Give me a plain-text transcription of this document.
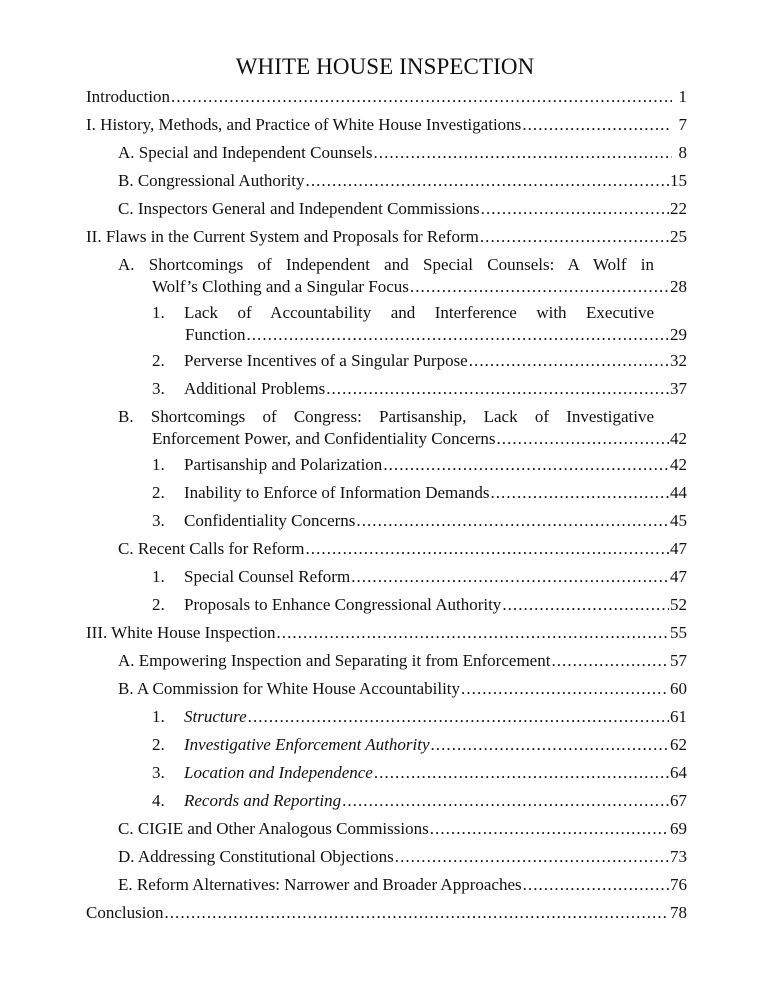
WHITE HOUSE INSPECTION
Introduction . . .	1
I. History, Methods, and Practice of White House Investigations . . .	7
A. Special and Independent Counsels . . .	8
B. Congressional Authority . . .	15
C. Inspectors General and Independent Commissions . . .	22
II. Flaws in the Current System and Proposals for Reform . . .	25
A. Shortcomings of Independent and Special Counsels: A Wolf in
Wolf’s Clothing and a Singular Focus . . .	28
1.	Lack of Accountability and Interference with Executive
Function . . .	29
2.	Perverse Incentives of a Singular Purpose . . .	32
3.	Additional Problems . . .	37
B. Shortcomings of Congress: Partisanship, Lack of Investigative
Enforcement Power, and Confidentiality Concerns . . .	42
1.	Partisanship and Polarization . . .	42
2.	Inability to Enforce of Information Demands . . .	44
3.	Confidentiality Concerns . . .	45
C. Recent Calls for Reform . . .	47
1.	Special Counsel Reform . . .	47
2.	Proposals to Enhance Congressional Authority . . .	52
III. White House Inspection . . .	55
A. Empowering Inspection and Separating it from Enforcement . . .	57
B. A Commission for White House Accountability . . .	60
1.	Structure . . .	61
2.	Investigative Enforcement Authority . . .	62
3.	Location and Independence . . .	64
4.	Records and Reporting . . .	67
C. CIGIE and Other Analogous Commissions . . .	69
D. Addressing Constitutional Objections . . .	73
E. Reform Alternatives: Narrower and Broader Approaches . . .	76
Conclusion . . .	78
